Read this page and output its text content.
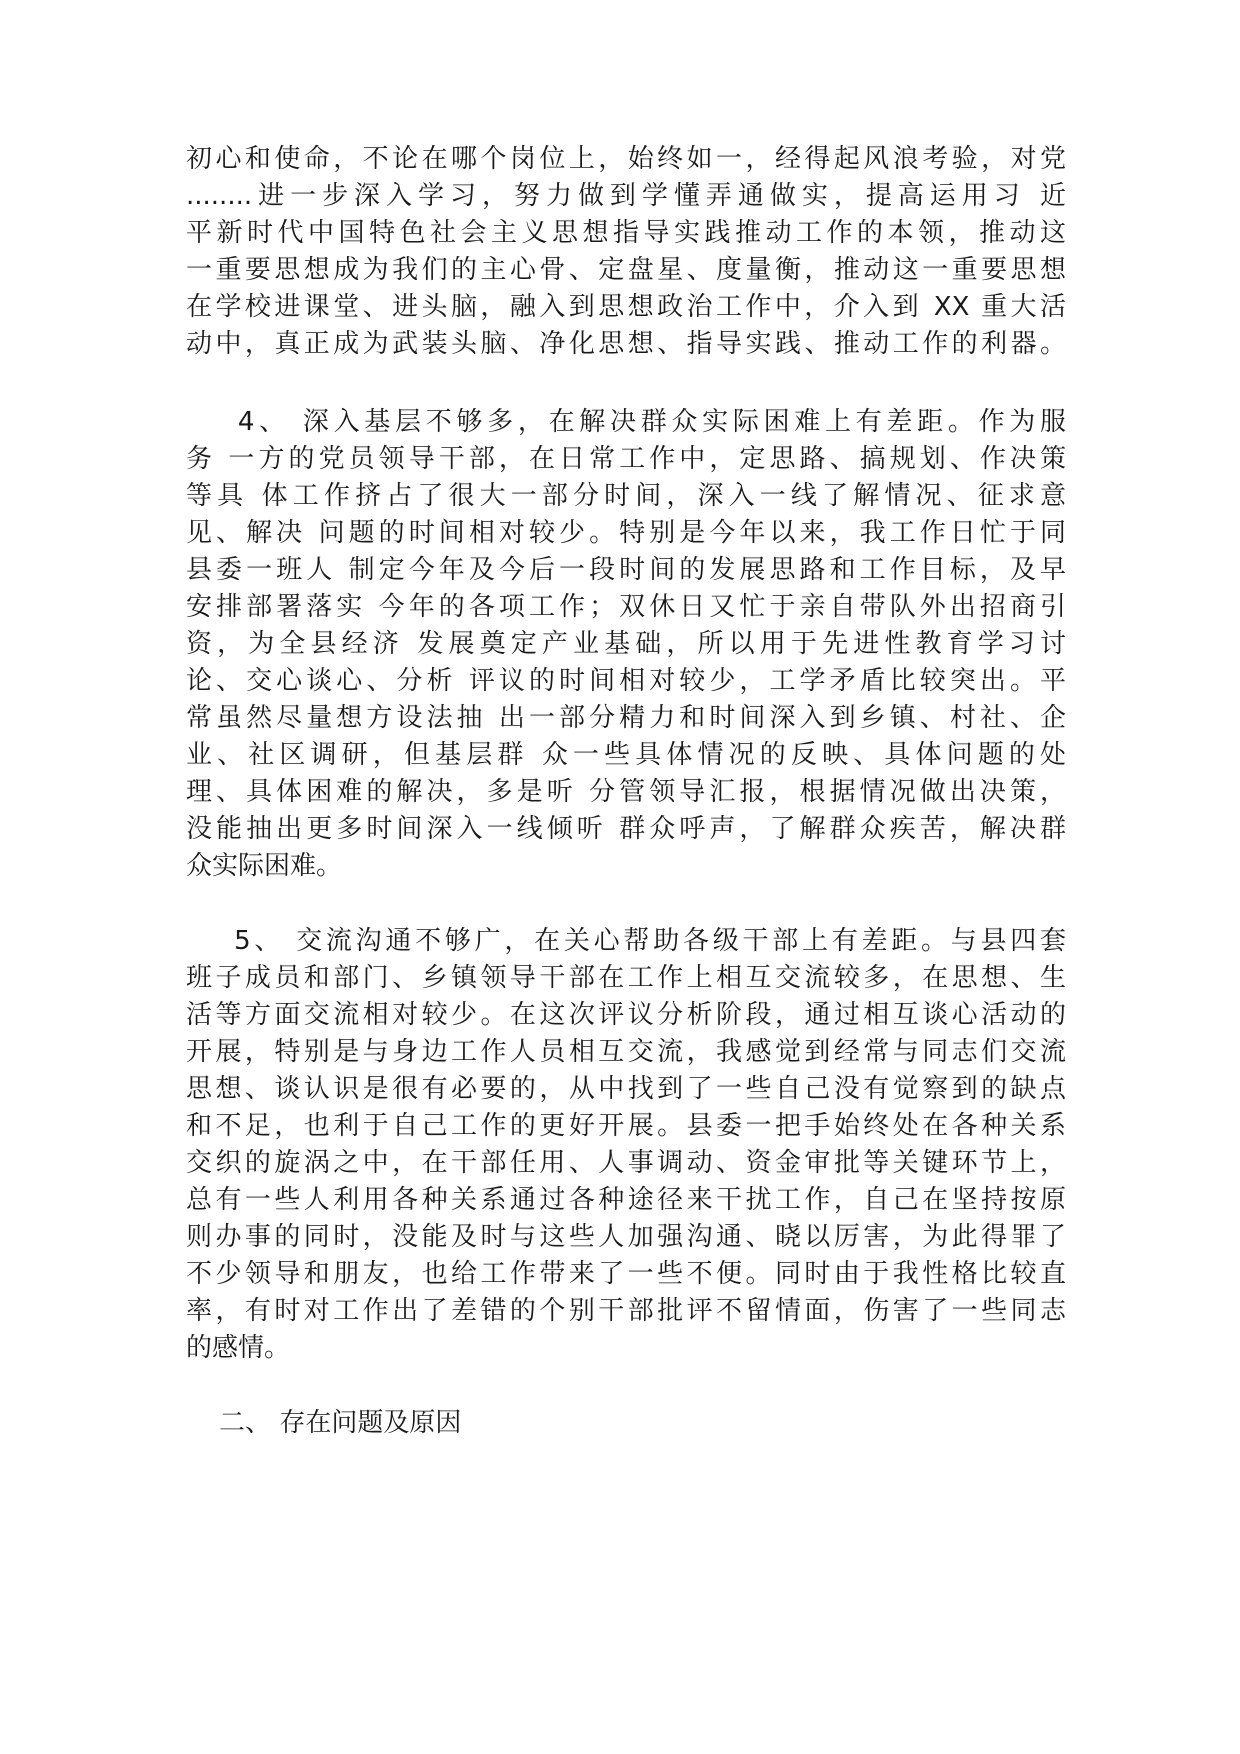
初心和使命，不论在哪个岗位上，始终如一，经得起风浪考验，对党
........进一步深入学习，努力做到学懂弄通做实，提高运用习 近
平新时代中国特色社会主义思想指导实践推动工作的本领，推动这
一重要思想成为我们的主心骨、定盘星、度量衡，推动这一重要思想
在学校进课堂、进头脑，融入到思想政治工作中，介入到 XX 重大活
动中，真正成为武装头脑、净化思想、指导实践、推动工作的利器。
4、 深入基层不够多，在解决群众实际困难上有差距。作为服
务 一方的党员领导干部，在日常工作中，定思路、搞规划、作决策
等具 体工作挤占了很大一部分时间，深入一线了解情况、征求意
见、解决 问题的时间相对较少。特别是今年以来，我工作日忙于同
县委一班人 制定今年及今后一段时间的发展思路和工作目标，及早
安排部署落实 今年的各项工作；双休日又忙于亲自带队外出招商引
资，为全县经济 发展奠定产业基础，所以用于先进性教育学习讨
论、交心谈心、分析 评议的时间相对较少，工学矛盾比较突出。平
常虽然尽量想方设法抽 出一部分精力和时间深入到乡镇、村社、企
业、社区调研，但基层群 众一些具体情况的反映、具体问题的处
理、具体困难的解决，多是听 分管领导汇报，根据情况做出决策，
没能抽出更多时间深入一线倾听 群众呼声，了解群众疾苦，解决群
众实际困难。
5、 交流沟通不够广，在关心帮助各级干部上有差距。与县四套
班子成员和部门、乡镇领导干部在工作上相互交流较多，在思想、生
活等方面交流相对较少。在这次评议分析阶段，通过相互谈心活动的
开展，特别是与身边工作人员相互交流，我感觉到经常与同志们交流
思想、谈认识是很有必要的，从中找到了一些自己没有觉察到的缺点
和不足，也利于自己工作的更好开展。县委一把手始终处在各种关系
交织的旋涡之中，在干部任用、人事调动、资金审批等关键环节上，
总有一些人利用各种关系通过各种途径来干扰工作，自己在坚持按原
则办事的同时，没能及时与这些人加强沟通、晓以厉害，为此得罪了
不少领导和朋友，也给工作带来了一些不便。同时由于我性格比较直
率，有时对工作出了差错的个别干部批评不留情面，伤害了一些同志
的感情。
二、 存在问题及原因
